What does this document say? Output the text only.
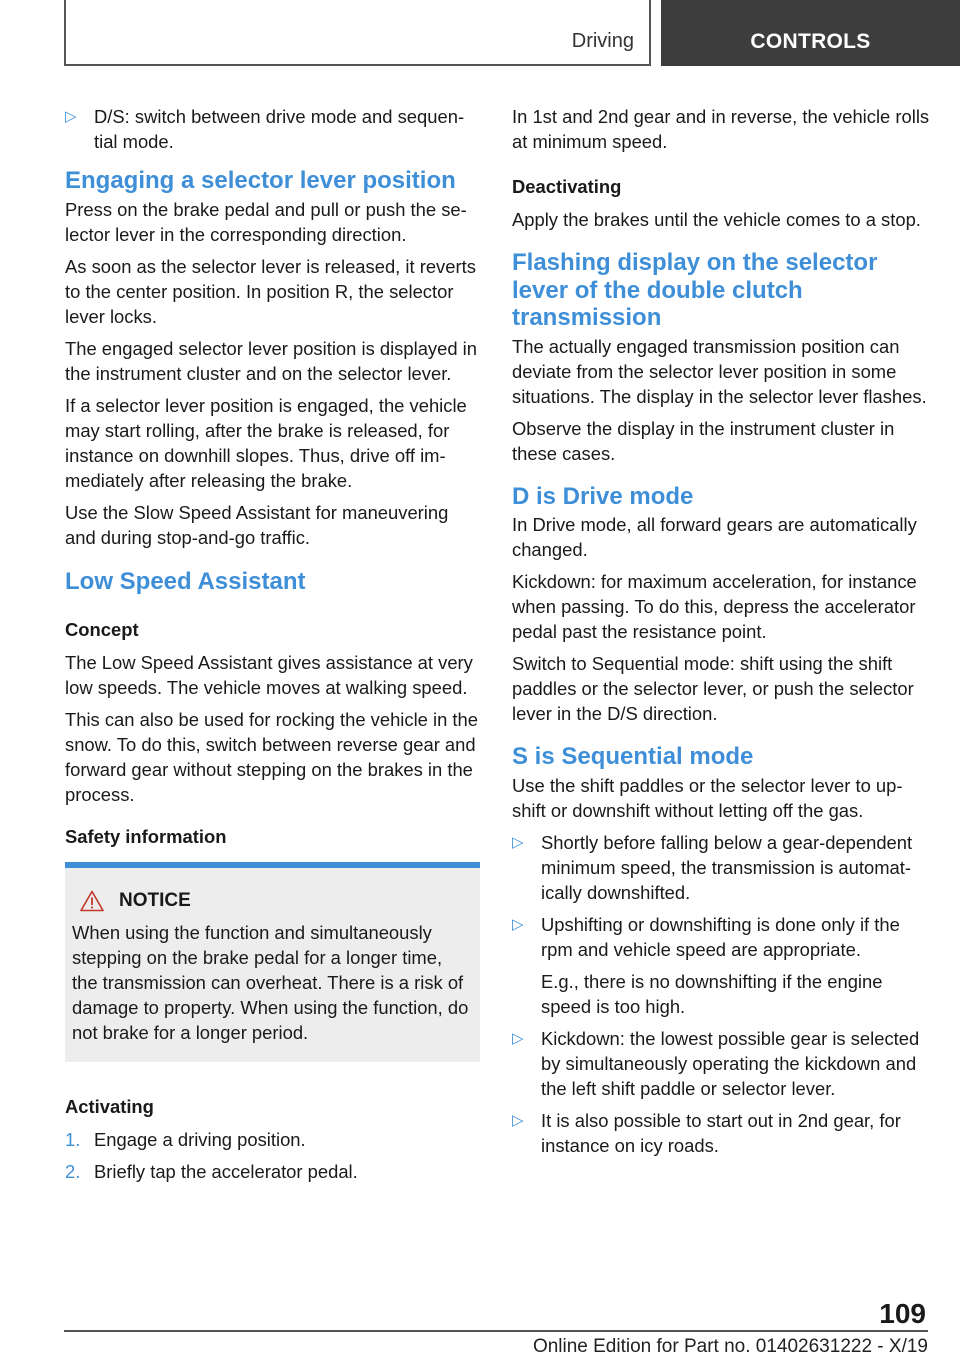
Driving	CONTROLS
▷ D/S: switch between drive mode and sequential mode.
Engaging a selector lever position

Press on the brake pedal and pull or push the selector lever in the corresponding direction.

As soon as the selector lever is released, it reverts to the center position. In position R, the selector lever locks.

The engaged selector lever position is displayed in the instrument cluster and on the selector lever.

If a selector lever position is engaged, the vehicle may start rolling, after the brake is released, for instance on downhill slopes. Thus, drive off immediately after releasing the brake.

Use the Slow Speed Assistant for maneuvering and during stop-and-go traffic.

Low Speed Assistant
Concept

The Low Speed Assistant gives assistance at very low speeds. The vehicle moves at walking speed.

This can also be used for rocking the vehicle in the snow. To do this, switch between reverse gear and forward gear without stepping on the brakes in the process.

Safety information
NOTICE
When using the function and simultaneously stepping on the brake pedal for a longer time, the transmission can overheat. There is a risk of damage to property. When using the function, do not brake for a longer period.
Activating
1. Engage a driving position.
2. Briefly tap the accelerator pedal.

In 1st and 2nd gear and in reverse, the vehicle rolls at minimum speed.

Deactivating

Apply the brakes until the vehicle comes to a stop.

Flashing display on the selector lever of the double clutch transmission

The actually engaged transmission position can deviate from the selector lever position in some situations. The display in the selector lever flashes.

Observe the display in the instrument cluster in these cases.

D is Drive mode

In Drive mode, all forward gears are automatically changed.

Kickdown: for maximum acceleration, for instance when passing. To do this, depress the accelerator pedal past the resistance point.

Switch to Sequential mode: shift using the shift paddles or the selector lever, or push the selector lever in the D/S direction.

S is Sequential mode

Use the shift paddles or the selector lever to upshift or downshift without letting off the gas.

▷ Shortly before falling below a gear-dependent minimum speed, the transmission is automatically downshifted.
▷ Upshifting or downshifting is done only if the rpm and vehicle speed are appropriate.
E.g., there is no downshifting if the engine speed is too high.
▷ Kickdown: the lowest possible gear is selected by simultaneously operating the kickdown and the left shift paddle or selector lever.
▷ It is also possible to start out in 2nd gear, for instance on icy roads.
109
Online Edition for Part no. 01402631222 - X/19
